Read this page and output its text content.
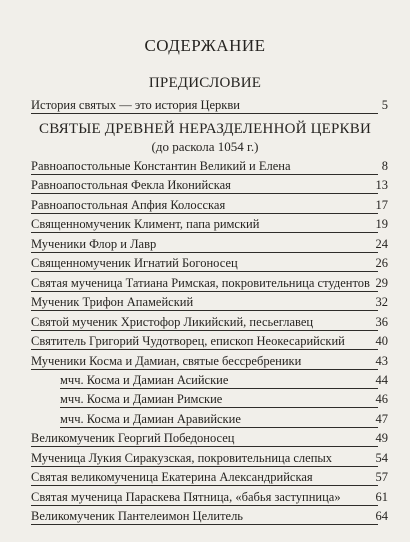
СОДЕРЖАНИЕ
ПРЕДИСЛОВИЕ
История святых — это история Церкви	5
СВЯТЫЕ ДРЕВНЕЙ НЕРАЗДЕЛЕННОЙ ЦЕРКВИ
(до раскола 1054 г.)
Равноапостольные Константин Великий и Елена	8
Равноапостольная Фекла Иконийская	13
Равноапостольная Апфия Колосская	17
Священномученик Климент, папа римский	19
Мученики Флор и Лавр	24
Священномученик Игнатий Богоносец	26
Святая мученица Татиана Римская, покровительница студентов 29
Мученик Трифон Апамейский	32
Святой мученик Христофор Ликийский, песьеглавец	36
Святитель Григорий Чудотворец, епископ Неокесарийский 40
Мученики Косма и Дамиан, святые бессребреники	43
мчч. Косма и Дамиан Асийские	44
мчч. Косма и Дамиан Римские	46
мчч. Косма и Дамиан Аравийские	47
Великомученик Георгий Победоносец	49
Мученица Лукия Сиракузская, покровительница слепых	54
Святая великомученица Екатерина Александрийская	57
Святая мученица Параскева Пятница, «бабья заступница»	61
Великомученик Пантелеимон Целитель	64
